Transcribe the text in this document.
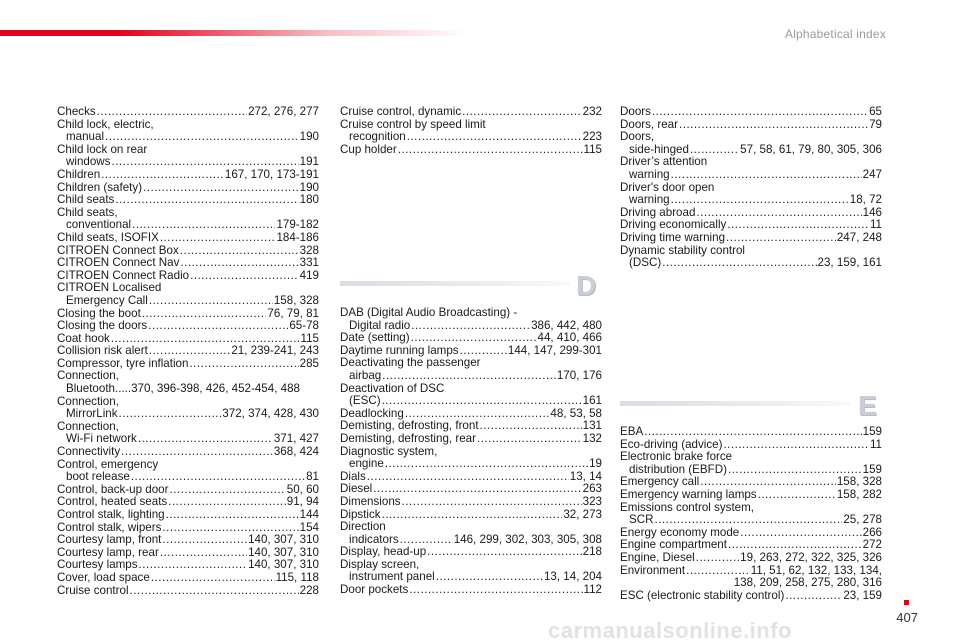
Alphabetical index
Checks .....	272, 276, 277
Child lock, electric,
manual .....	190
Child lock on rear
windows .....	191
Children .....	167, 170, 173-191
Children (safety) .....	190
Child seats .....	180
Child seats,
conventional .....	179-182
Child seats, ISOFIX .....	184-186
CITROËN Connect Box .....	328
CITROËN Connect Nav .....	331
CITROËN Connect Radio .....	419
CITROËN Localised
Emergency Call .....	158, 328
Closing the boot .....	76, 79, 81
Closing the doors .....	65-78
Coat hook .....	115
Collision risk alert .....	21, 239-241, 243
Compressor, tyre inflation .....	285
Connection,
Bluetooth.....370, 396-398, 426, 452-454, 488
Connection,
MirrorLink .....	372, 374, 428, 430
Connection,
Wi-Fi network .....	371, 427
Connectivity .....	368, 424
Control, emergency
boot release .....	81
Control, back-up door .....	50, 60
Control, heated seats .....	91, 94
Control stalk, lighting .....	144
Control stalk, wipers .....	154
Courtesy lamp, front .....	140, 307, 310
Courtesy lamp, rear .....	140, 307, 310
Courtesy lamps .....	140, 307, 310
Cover, load space .....	115, 118
Cruise control .....	228
Cruise control, dynamic .....	232
Cruise control by speed limit
recognition .....	223
Cup holder .....	115
D
DAB (Digital Audio Broadcasting) -
Digital radio .....	386, 442, 480
Date (setting) .....	44, 410, 466
Daytime running lamps .....	144, 147, 299-301
Deactivating the passenger
airbag .....	170, 176
Deactivation of DSC
(ESC) .....	161
Deadlocking .....	48, 53, 58
Demisting, defrosting, front .....	131
Demisting, defrosting, rear .....	132
Diagnostic system,
engine .....	19
Dials .....	13, 14
Diesel .....	263
Dimensions .....	323
Dipstick .....	32, 273
Direction
indicators .....	146, 299, 302, 303, 305, 308
Display, head-up .....	218
Display screen,
instrument panel .....	13, 14, 204
Door pockets .....	112
Doors .....	65
Doors, rear .....	79
Doors,
side-hinged .....	57, 58, 61, 79, 80, 305, 306
Driver’s attention
warning .....	247
Driver's door open
warning .....	18, 72
Driving abroad .....	146
Driving economically .....	11
Driving time warning .....	247, 248
Dynamic stability control
(DSC) .....	23, 159, 161
E
EBA .....	159
Eco-driving (advice) .....	11
Electronic brake force
distribution (EBFD) .....	159
Emergency call .....	158, 328
Emergency warning lamps .....	158, 282
Emissions control system,
SCR .....	25, 278
Energy economy mode .....	266
Engine compartment .....	272
Engine, Diesel .....	19, 263, 272, 322, 325, 326
Environment .....	11, 51, 62, 132, 133, 134,
138, 209, 258, 275, 280, 316
ESC (electronic stability control) .....	23, 159
407
carmanualsonline.info
